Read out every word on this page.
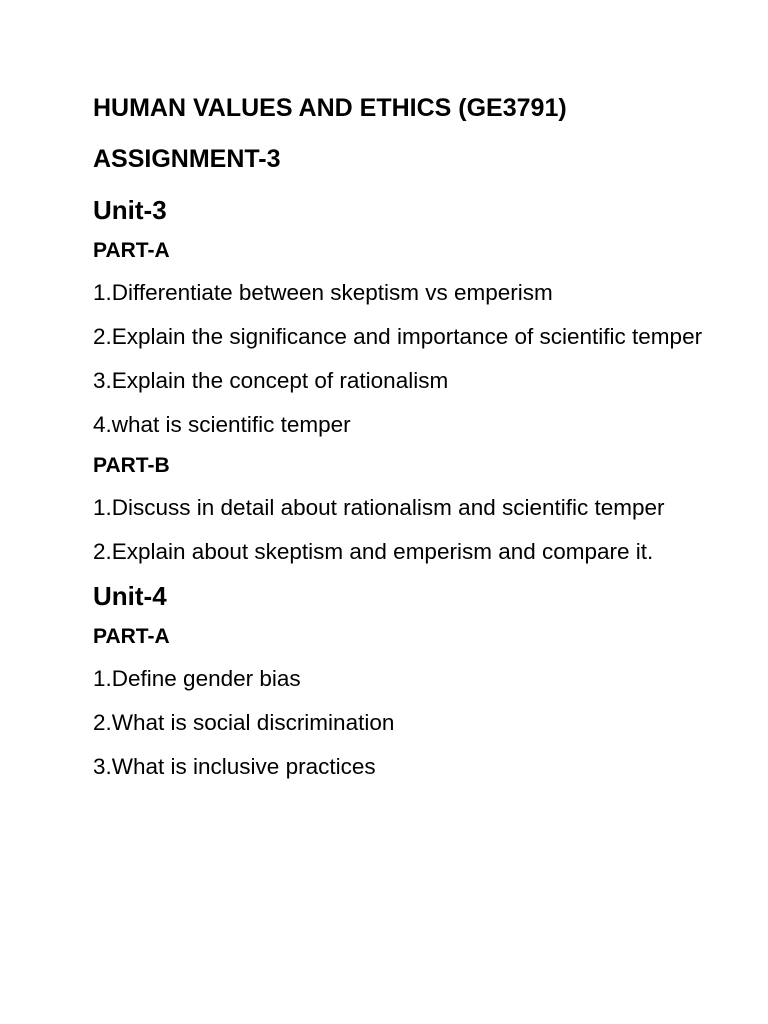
HUMAN VALUES AND ETHICS (GE3791)
ASSIGNMENT-3
Unit-3
PART-A
1.Differentiate between skeptism vs emperism
2.Explain the significance and importance of scientific temper
3.Explain the concept of rationalism
4.what is scientific temper
PART-B
1.Discuss in detail about rationalism and scientific temper
2.Explain about skeptism and emperism and compare it.
Unit-4
PART-A
1.Define gender bias
2.What is social discrimination
3.What is inclusive practices
